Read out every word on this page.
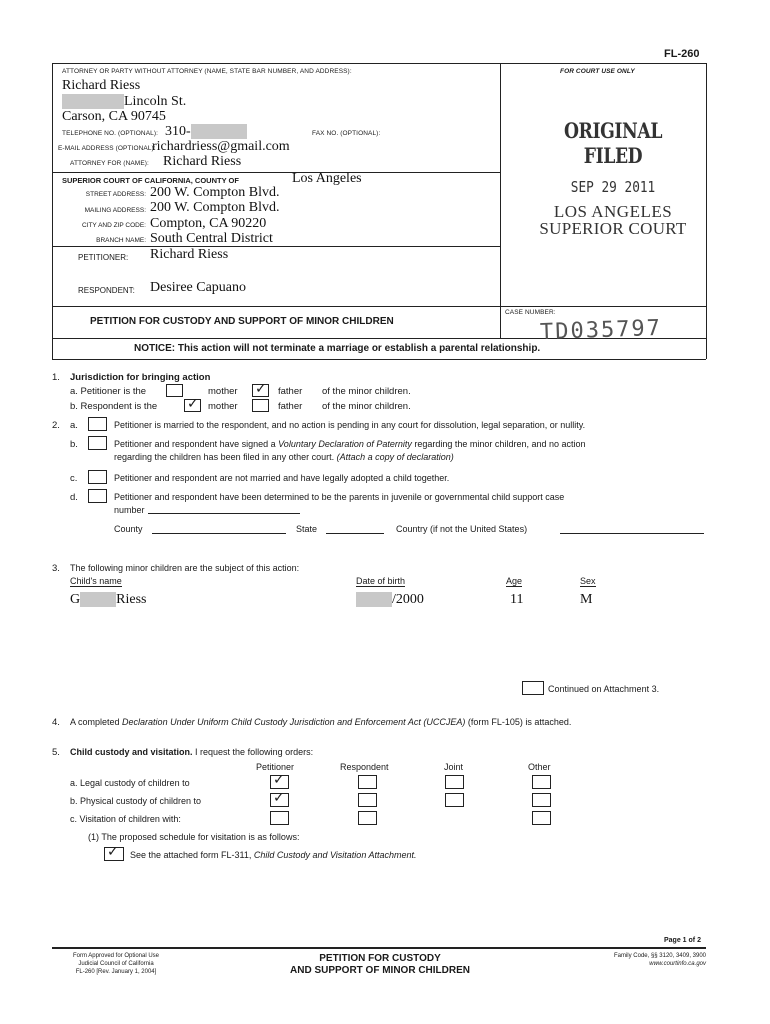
FL-260
ATTORNEY OR PARTY WITHOUT ATTORNEY (NAME, STATE BAR NUMBER, AND ADDRESS):	FOR COURT USE ONLY
Richard Riess
Lincoln St.
Carson, CA 90745
TELEPHONE NO. (OPTIONAL): 310-	FAX NO. (OPTIONAL):
E-MAIL ADDRESS (OPTIONAL):
richardriess@gmail.com
ATTORNEY FOR (NAME): Richard Riess
SUPERIOR COURT OF CALIFORNIA, COUNTY OF	Los Angeles
STREET ADDRESS: 200 W. Compton Blvd.
MAILING ADDRESS: 200 W. Compton Blvd.
CITY AND ZIP CODE: Compton, CA 90220
BRANCH NAME: South Central District
PETITIONER: Richard Riess
RESPONDENT: Desiree Capuano
ORIGINAL FILED
SEP 29 2011
LOS ANGELES
SUPERIOR COURT
PETITION FOR CUSTODY AND SUPPORT OF MINOR CHILDREN
CASE NUMBER:
TD035797
NOTICE: This action will not terminate a marriage or establish a parental relationship.
1. Jurisdiction for bringing action
a. Petitioner is the	mother ✓ father of the minor children.
b. Respondent is the ✓ mother	father of the minor children.
2. a.	Petitioner is married to the respondent, and no action is pending in any court for dissolution, legal separation, or nullity.
b.	Petitioner and respondent have signed a Voluntary Declaration of Paternity regarding the minor children, and no action
regarding the children has been filed in any other court. (Attach a copy of declaration)
c.	Petitioner and respondent are not married and have legally adopted a child together.
d.	Petitioner and respondent have been determined to be the parents in juvenile or governmental child support case
number
County	State	Country (if not the United States)
3. The following minor children are the subject of this action:
Child's name	Date of birth	Age	Sex
G	Riess	/2000	11	M
Continued on Attachment 3.
4. A completed Declaration Under Uniform Child Custody Jurisdiction and Enforcement Act (UCCJEA) (form FL-105) is attached.
5. Child custody and visitation. I request the following orders:
Petitioner	Respondent	Joint	Other
a. Legal custody of children to	✓
b. Physical custody of children to	✓
c. Visitation of children with:
(1) The proposed schedule for visitation is as follows:
✓ See the attached form FL-311, Child Custody and Visitation Attachment.
Page 1 of 2
Form Approved for Optional Use
Judicial Council of California
FL-260 [Rev. January 1, 2004]
PETITION FOR CUSTODY
AND SUPPORT OF MINOR CHILDREN
Family Code, §§ 3120, 3409, 3900
www.courtinfo.ca.gov
